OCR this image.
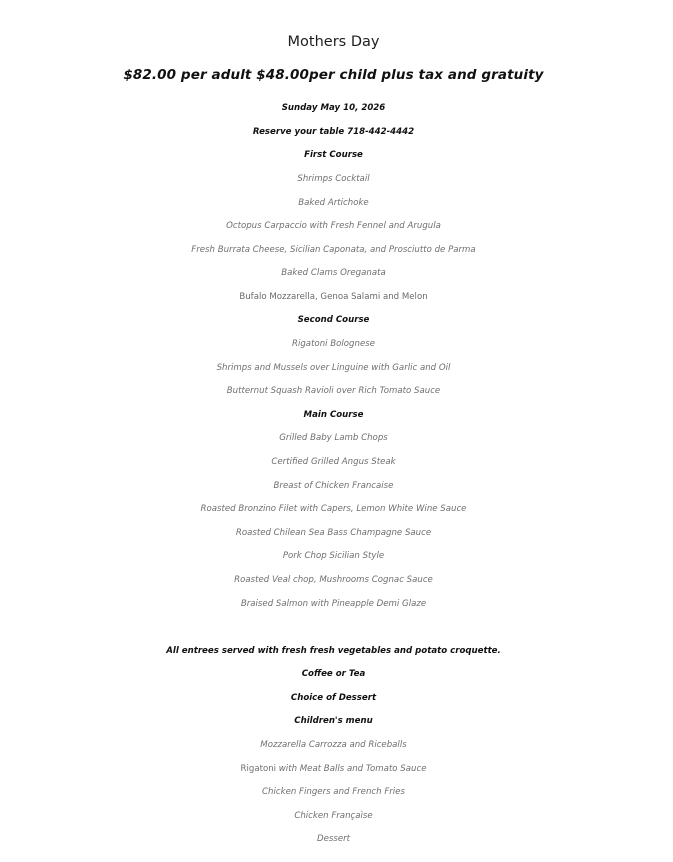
Mothers Day
$82.00 per adult $48.00per child plus tax and gratuity
Sunday May 10, 2026
Reserve your table 718-442-4442
First Course
Shrimps Cocktail
Baked Artichoke
Octopus Carpaccio with Fresh Fennel and Arugula
Fresh Burrata Cheese, Sicilian Caponata, and Prosciutto de Parma
Baked Clams Oreganata
Bufalo Mozzarella, Genoa Salami and Melon
Second Course
Rigatoni Bolognese
Shrimps and Mussels over Linguine with Garlic and Oil
Butternut Squash Ravioli over Rich Tomato Sauce
Main Course
Grilled Baby Lamb Chops
Certified Grilled Angus Steak
Breast of Chicken Francaise
Roasted Bronzino Filet with Capers, Lemon White Wine Sauce
Roasted Chilean Sea Bass Champagne Sauce
Pork Chop Sicilian Style
Roasted Veal chop, Mushrooms Cognac Sauce
Braised Salmon with Pineapple Demi Glaze
All entrees served with fresh fresh vegetables and potato croquette.
Coffee or Tea
Choice of Dessert
Children's menu
Mozzarella Carrozza and Riceballs
Rigatoni with Meat Balls and Tomato Sauce
Chicken Fingers and French Fries
Chicken Françaìse
Dessert
